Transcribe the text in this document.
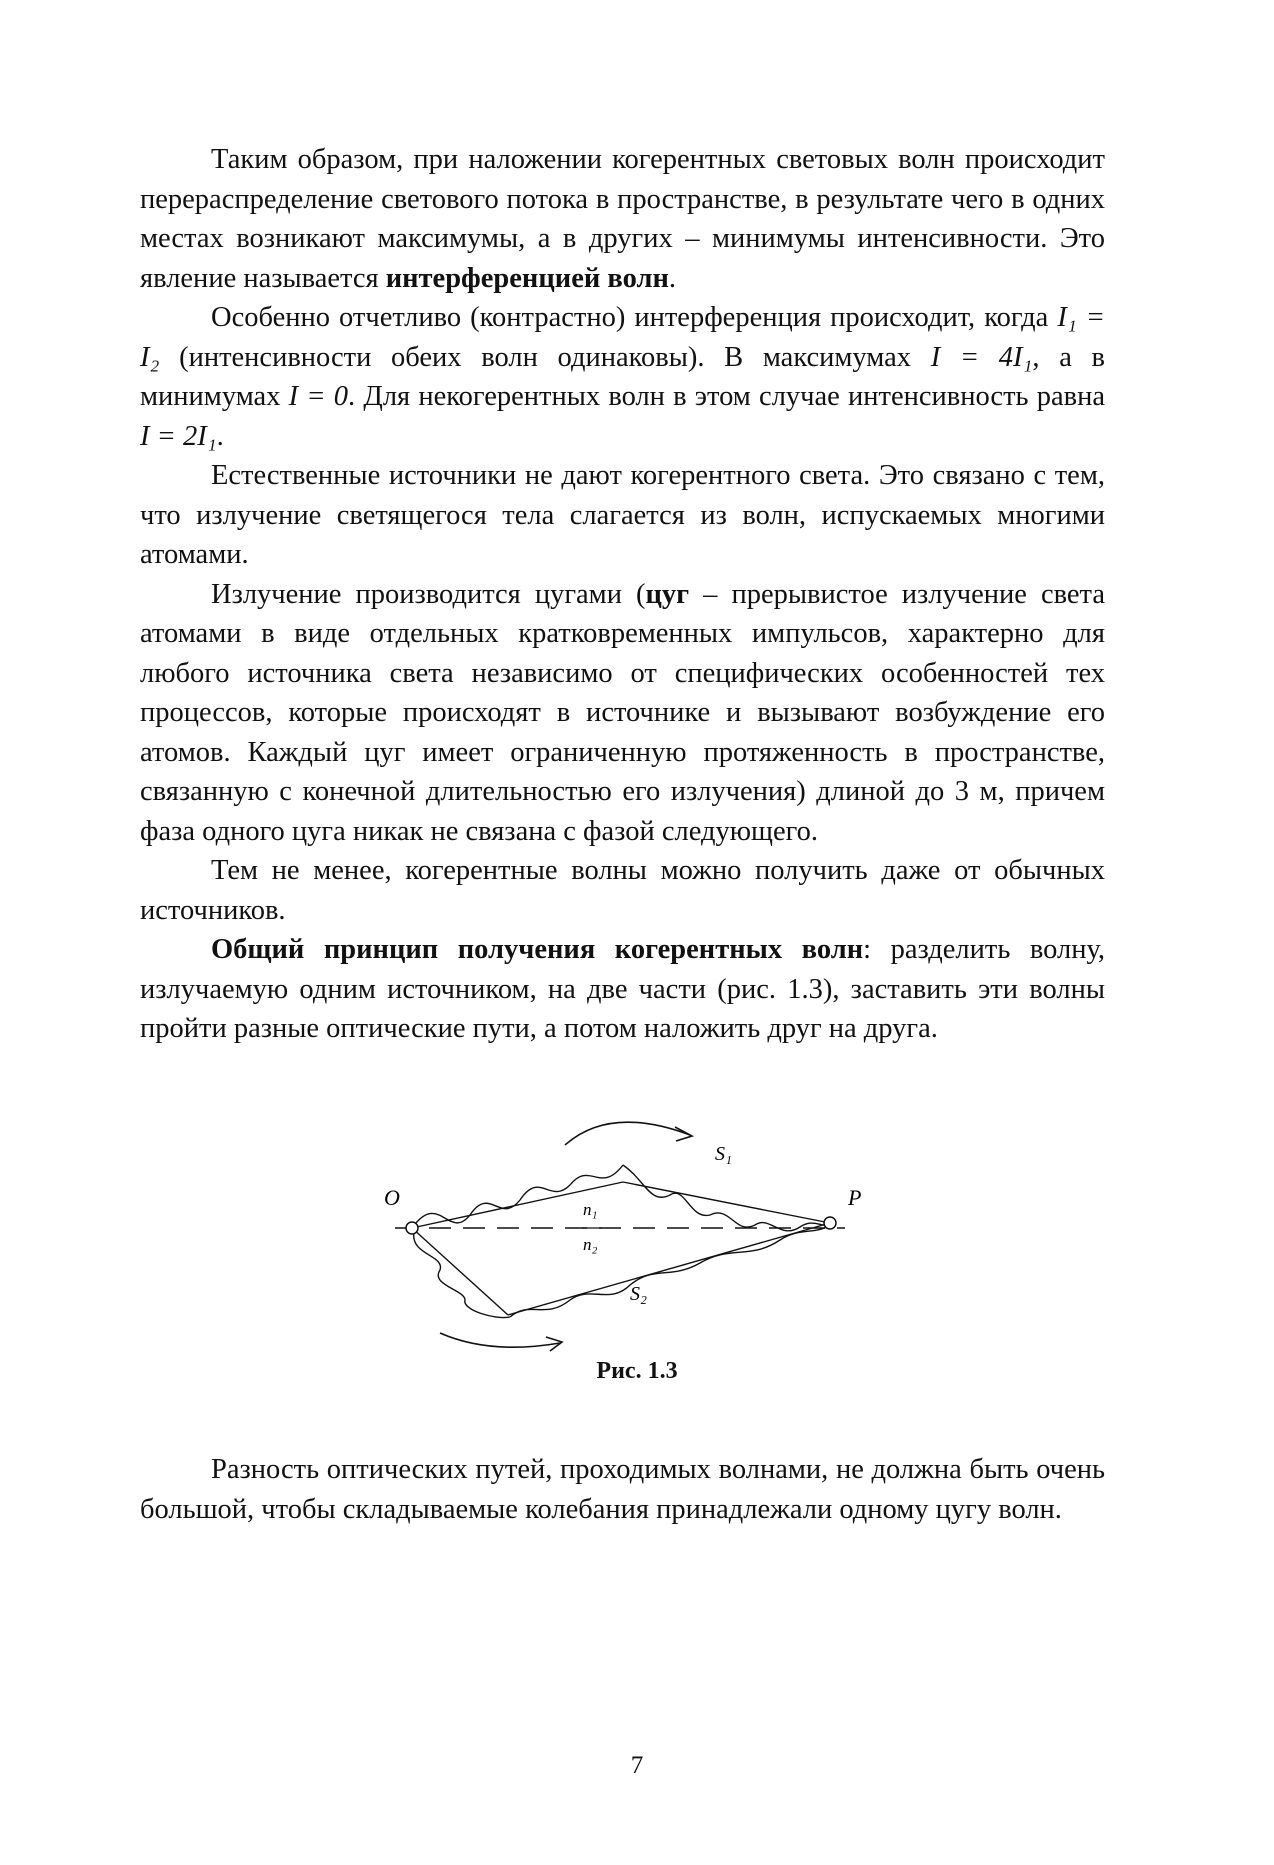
Таким образом, при наложении когерентных световых волн происходит перераспределение светового потока в пространстве, в результате чего в одних местах возникают максимумы, а в других – минимумы интенсивности. Это явление называется интерференцией волн.

Особенно отчетливо (контрастно) интерференция происходит, когда I₁ = I₂ (интенсивности обеих волн одинаковы). В максимумах I = 4I₁, а в минимумах I = 0. Для некогерентных волн в этом случае интенсивность равна I = 2I₁.

Естественные источники не дают когерентного света. Это связано с тем, что излучение светящегося тела слагается из волн, испускаемых многими атомами.

Излучение производится цугами (цуг – прерывистое излучение света атомами в виде отдельных кратковременных импульсов, характерно для любого источника света независимо от специфических особенностей тех процессов, которые происходят в источнике и вызывают возбуждение его атомов. Каждый цуг имеет ограниченную протяженность в пространстве, связанную с конечной длительностью его излучения) длиной до 3 м, причем фаза одного цуга никак не связана с фазой следующего.

Тем не менее, когерентные волны можно получить даже от обычных источников.

Общий принцип получения когерентных волн: разделить волну, излучаемую одним источником, на две части (рис. 1.3), заставить эти волны пройти разные оптические пути, а потом наложить друг на друга.

O	P
S₁
S₂
n₁
n₂
Рис. 1.3

Разность оптических путей, проходимых волнами, не должна быть очень большой, чтобы складываемые колебания принадлежали одному цугу волн.

7
